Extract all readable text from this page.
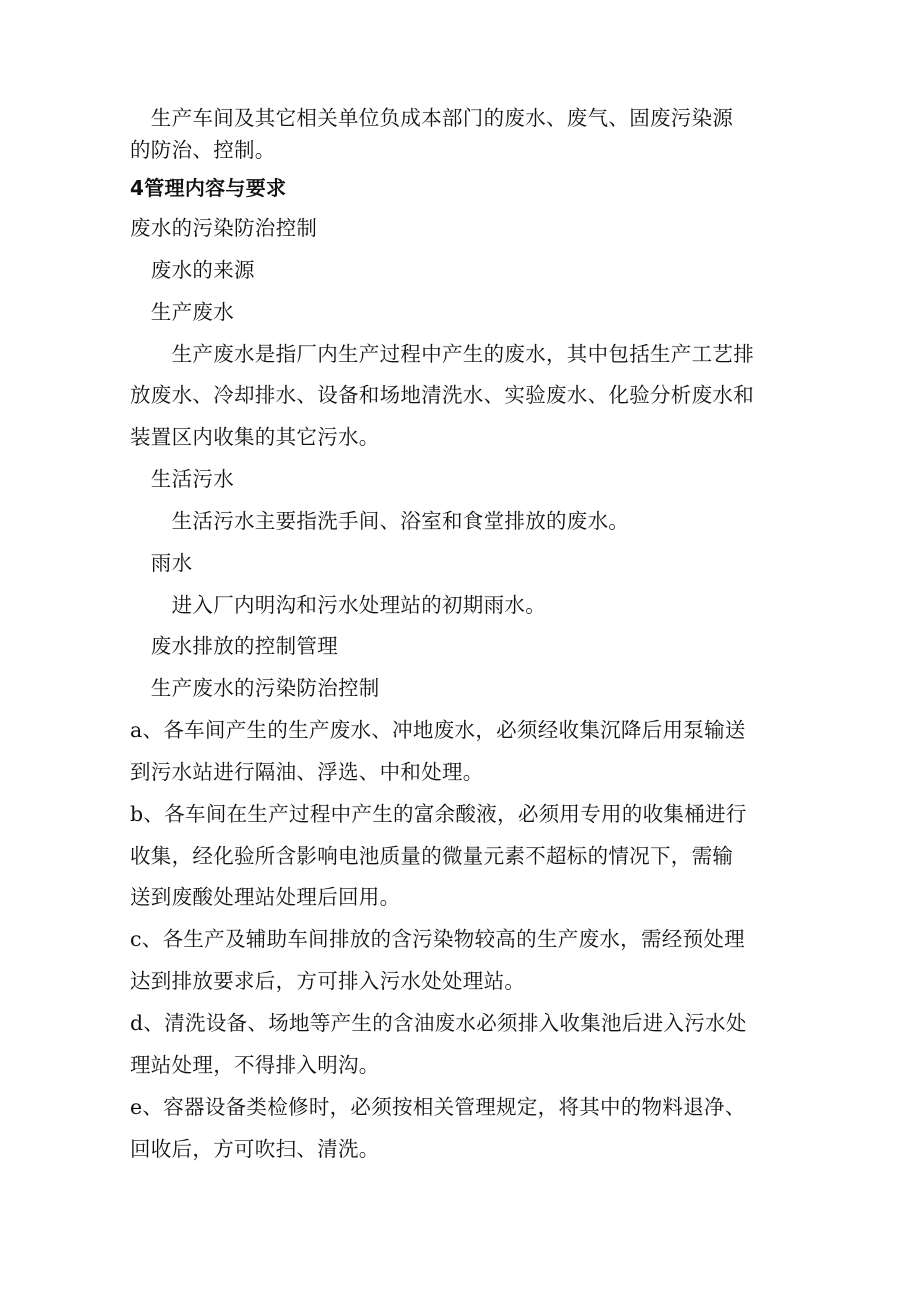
　生产车间及其它相关单位负成本部门的废水、废气、固废污染源
的防治、控制。
4管理内容与要求
废水的污染防治控制
　废水的来源
　生产废水
　　生产废水是指厂内生产过程中产生的废水，其中包括生产工艺排
放废水、冷却排水、设备和场地清洗水、实验废水、化验分析废水和
装置区内收集的其它污水。
　生活污水
　　生活污水主要指洗手间、浴室和食堂排放的废水。
　雨水
　　进入厂内明沟和污水处理站的初期雨水。
　废水排放的控制管理
　生产废水的污染防治控制
a、各车间产生的生产废水、冲地废水，必须经收集沉降后用泵输送
到污水站进行隔油、浮选、中和处理。
b、各车间在生产过程中产生的富余酸液，必须用专用的收集桶进行
收集，经化验所含影响电池质量的微量元素不超标的情况下，需输
送到废酸处理站处理后回用。
c、各生产及辅助车间排放的含污染物较高的生产废水，需经预处理
达到排放要求后，方可排入污水处处理站。
d、清洗设备、场地等产生的含油废水必须排入收集池后进入污水处
理站处理，不得排入明沟。
e、容器设备类检修时，必须按相关管理规定，将其中的物料退净、
回收后，方可吹扫、清洗。
